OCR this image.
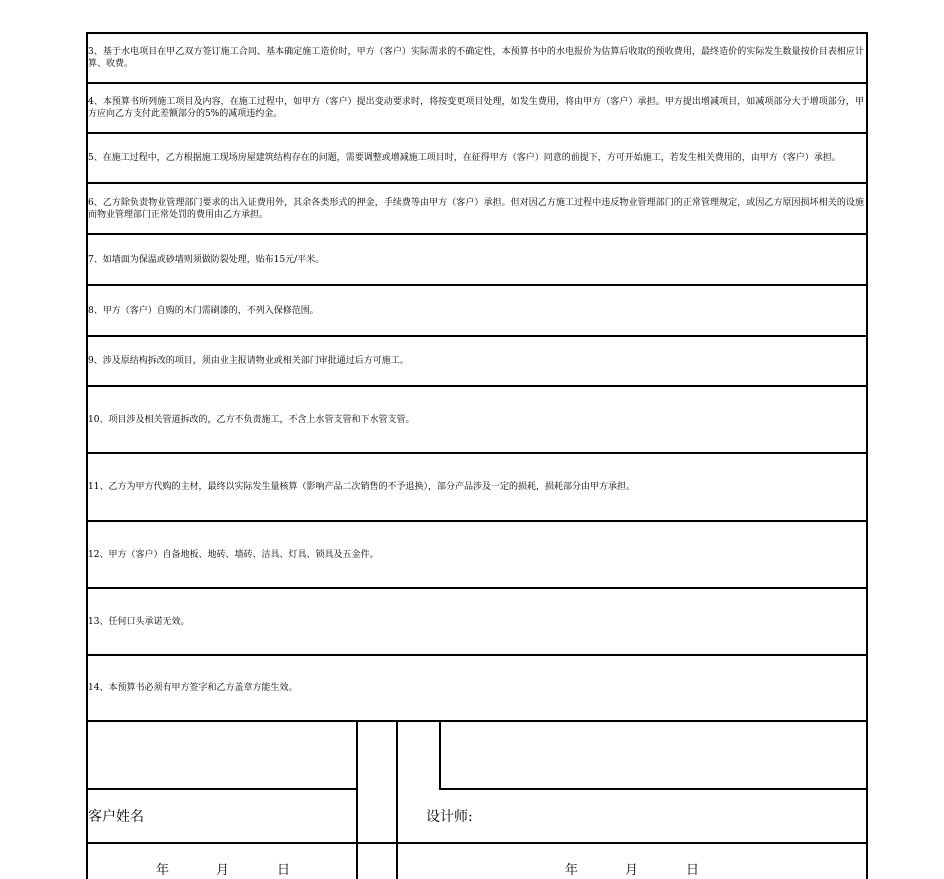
3、基于水电项目在甲乙双方签订施工合同、基本确定施工造价时，甲方（客户）实际需求的不确定性，本预算书中的水电报价为估算后收取的预收费用，最终造价的实际发生数量按价目表相应计算、收费。
4、本预算书所列施工项目及内容，在施工过程中，如甲方（客户）提出变动要求时，将按变更项目处理，如发生费用，将由甲方（客户）承担。甲方提出增减项目，如减项部分大于增项部分，甲方应向乙方支付此差额部分的5%的减项违约金。
5、在施工过程中，乙方根据施工现场房屋建筑结构存在的问题，需要调整或增减施工项目时，在征得甲方（客户）同意的前提下，方可开始施工，若发生相关费用的，由甲方（客户）承担。
6、乙方除负责物业管理部门要求的出入证费用外，其余各类形式的押金，手续费等由甲方（客户）承担。但对因乙方施工过程中违反物业管理部门的正常管理规定，或因乙方原因损坏相关的设施而物业管理部门正常处罚的费用由乙方承担。
7、如墙面为保温或砂墙则须做防裂处理，贴布15元/平米。
8、甲方（客户）自购的木门需刷漆的，不列入保修范围。
9、涉及原结构拆改的项目，须由业主报请物业或相关部门审批通过后方可施工。
10、项目涉及相关管道拆改的，乙方不负责施工，不含上水管支管和下水管支管。
11、乙方为甲方代购的主材，最终以实际发生量核算（影响产品二次销售的不予退换），部分产品涉及一定的损耗，损耗部分由甲方承担。
12、甲方（客户）自备地板、地砖、墙砖、洁具、灯具、锁具及五金件。
13、任何口头承诺无效。
14、本预算书必须有甲方签字和乙方盖章方能生效。
客户姓名	设计师:
年	月	日	年	月	日
